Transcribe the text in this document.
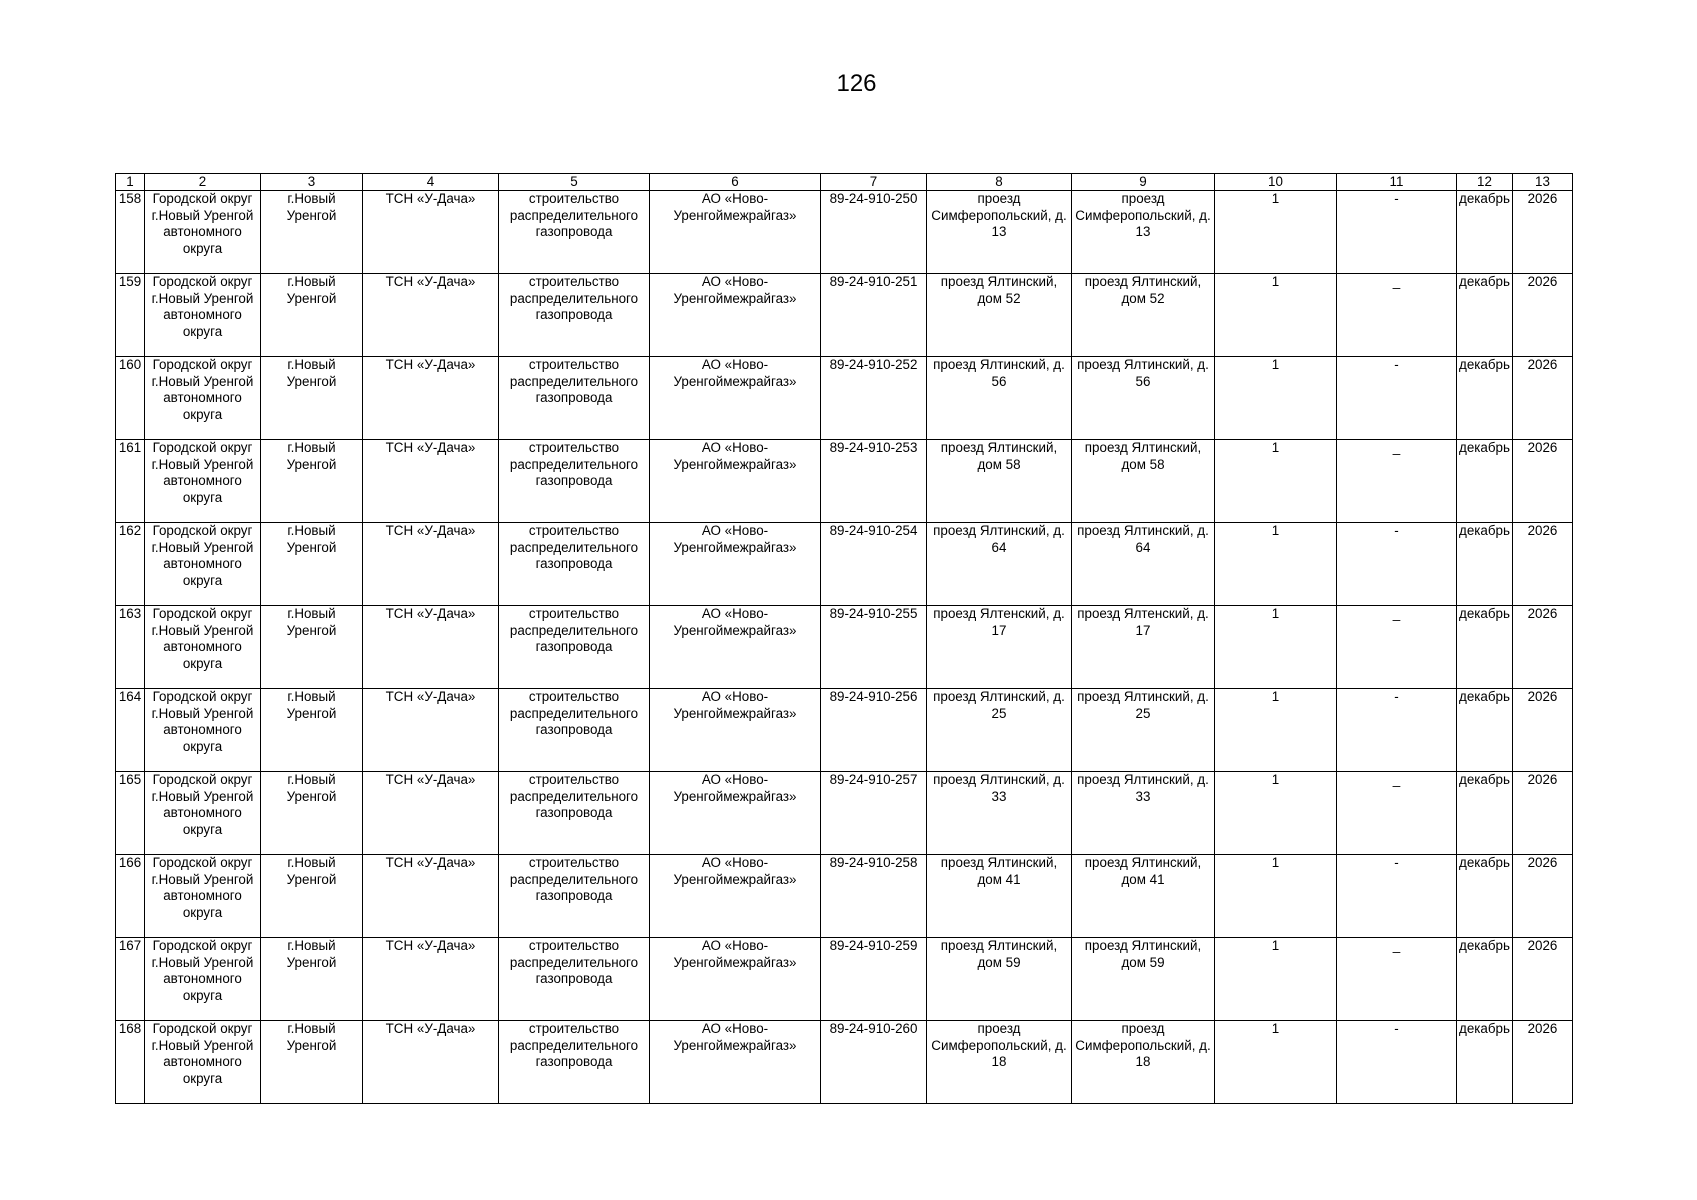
126
1	2	3	4	5	6	7	8	9	10	11	12	13
158	Городской округ г.Новый Уренгой автономного округа	г.Новый Уренгой	ТСН «У-Дача»	строительство распределительного газопровода	АО «Ново-Уренгоймежрайгаз»	89-24-910-250	проезд Симферопольский, д. 13	проезд Симферопольский, д. 13	1	-	декабрь	2026
159	Городской округ г.Новый Уренгой автономного округа	г.Новый Уренгой	ТСН «У-Дача»	строительство распределительного газопровода	АО «Ново-Уренгоймежрайгаз»	89-24-910-251	проезд Ялтинский, дом 52	проезд Ялтинский, дом 52	1	_	декабрь	2026
160	Городской округ г.Новый Уренгой автономного округа	г.Новый Уренгой	ТСН «У-Дача»	строительство распределительного газопровода	АО «Ново-Уренгоймежрайгаз»	89-24-910-252	проезд Ялтинский, д. 56	проезд Ялтинский, д. 56	1	-	декабрь	2026
161	Городской округ г.Новый Уренгой автономного округа	г.Новый Уренгой	ТСН «У-Дача»	строительство распределительного газопровода	АО «Ново-Уренгоймежрайгаз»	89-24-910-253	проезд Ялтинский, дом 58	проезд Ялтинский, дом 58	1	_	декабрь	2026
162	Городской округ г.Новый Уренгой автономного округа	г.Новый Уренгой	ТСН «У-Дача»	строительство распределительного газопровода	АО «Ново-Уренгоймежрайгаз»	89-24-910-254	проезд Ялтинский, д. 64	проезд Ялтинский, д. 64	1	-	декабрь	2026
163	Городской округ г.Новый Уренгой автономного округа	г.Новый Уренгой	ТСН «У-Дача»	строительство распределительного газопровода	АО «Ново-Уренгоймежрайгаз»	89-24-910-255	проезд Ялтенский, д. 17	проезд Ялтенский, д. 17	1	_	декабрь	2026
164	Городской округ г.Новый Уренгой автономного округа	г.Новый Уренгой	ТСН «У-Дача»	строительство распределительного газопровода	АО «Ново-Уренгоймежрайгаз»	89-24-910-256	проезд Ялтинский, д. 25	проезд Ялтинский, д. 25	1	-	декабрь	2026
165	Городской округ г.Новый Уренгой автономного округа	г.Новый Уренгой	ТСН «У-Дача»	строительство распределительного газопровода	АО «Ново-Уренгоймежрайгаз»	89-24-910-257	проезд Ялтинский, д. 33	проезд Ялтинский, д. 33	1	_	декабрь	2026
166	Городской округ г.Новый Уренгой автономного округа	г.Новый Уренгой	ТСН «У-Дача»	строительство распределительного газопровода	АО «Ново-Уренгоймежрайгаз»	89-24-910-258	проезд Ялтинский, дом 41	проезд Ялтинский, дом 41	1	-	декабрь	2026
167	Городской округ г.Новый Уренгой автономного округа	г.Новый Уренгой	ТСН «У-Дача»	строительство распределительного газопровода	АО «Ново-Уренгоймежрайгаз»	89-24-910-259	проезд Ялтинский, дом 59	проезд Ялтинский, дом 59	1	_	декабрь	2026
168	Городской округ г.Новый Уренгой автономного округа	г.Новый Уренгой	ТСН «У-Дача»	строительство распределительного газопровода	АО «Ново-Уренгоймежрайгаз»	89-24-910-260	проезд Симферопольский, д. 18	проезд Симферопольский, д. 18	1	-	декабрь	2026
